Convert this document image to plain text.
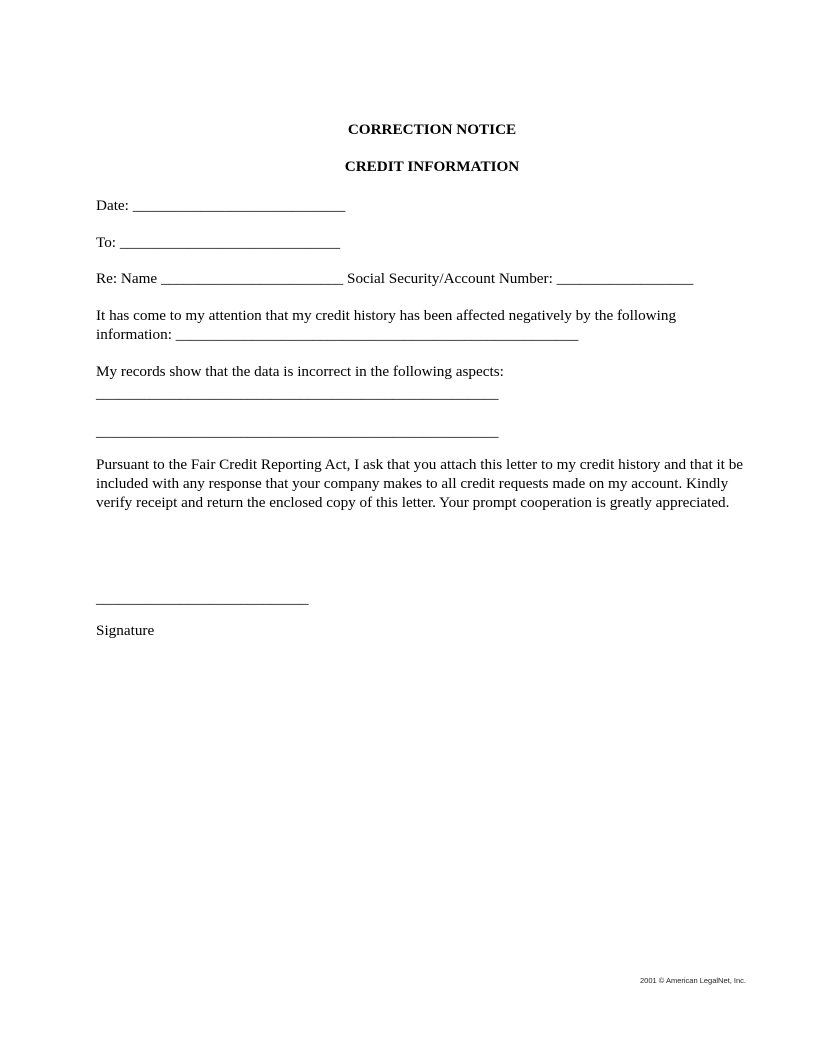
CORRECTION NOTICE
CREDIT INFORMATION
Date: ____________________________
To: _____________________________
Re: Name ________________________ Social Security/Account Number: __________________
It has come to my attention that my credit history has been affected negatively by the following
information: _____________________________________________________
My records show that the data is incorrect in the following aspects:
_____________________________________________________
_____________________________________________________
Pursuant to the Fair Credit Reporting Act, I ask that you attach this letter to my credit history and that it be included with any response that your company makes to all credit requests made on my account. Kindly verify receipt and return the enclosed copy of this letter. Your prompt cooperation is greatly appreciated.
____________________________
Signature
2001 © American LegalNet, Inc.
